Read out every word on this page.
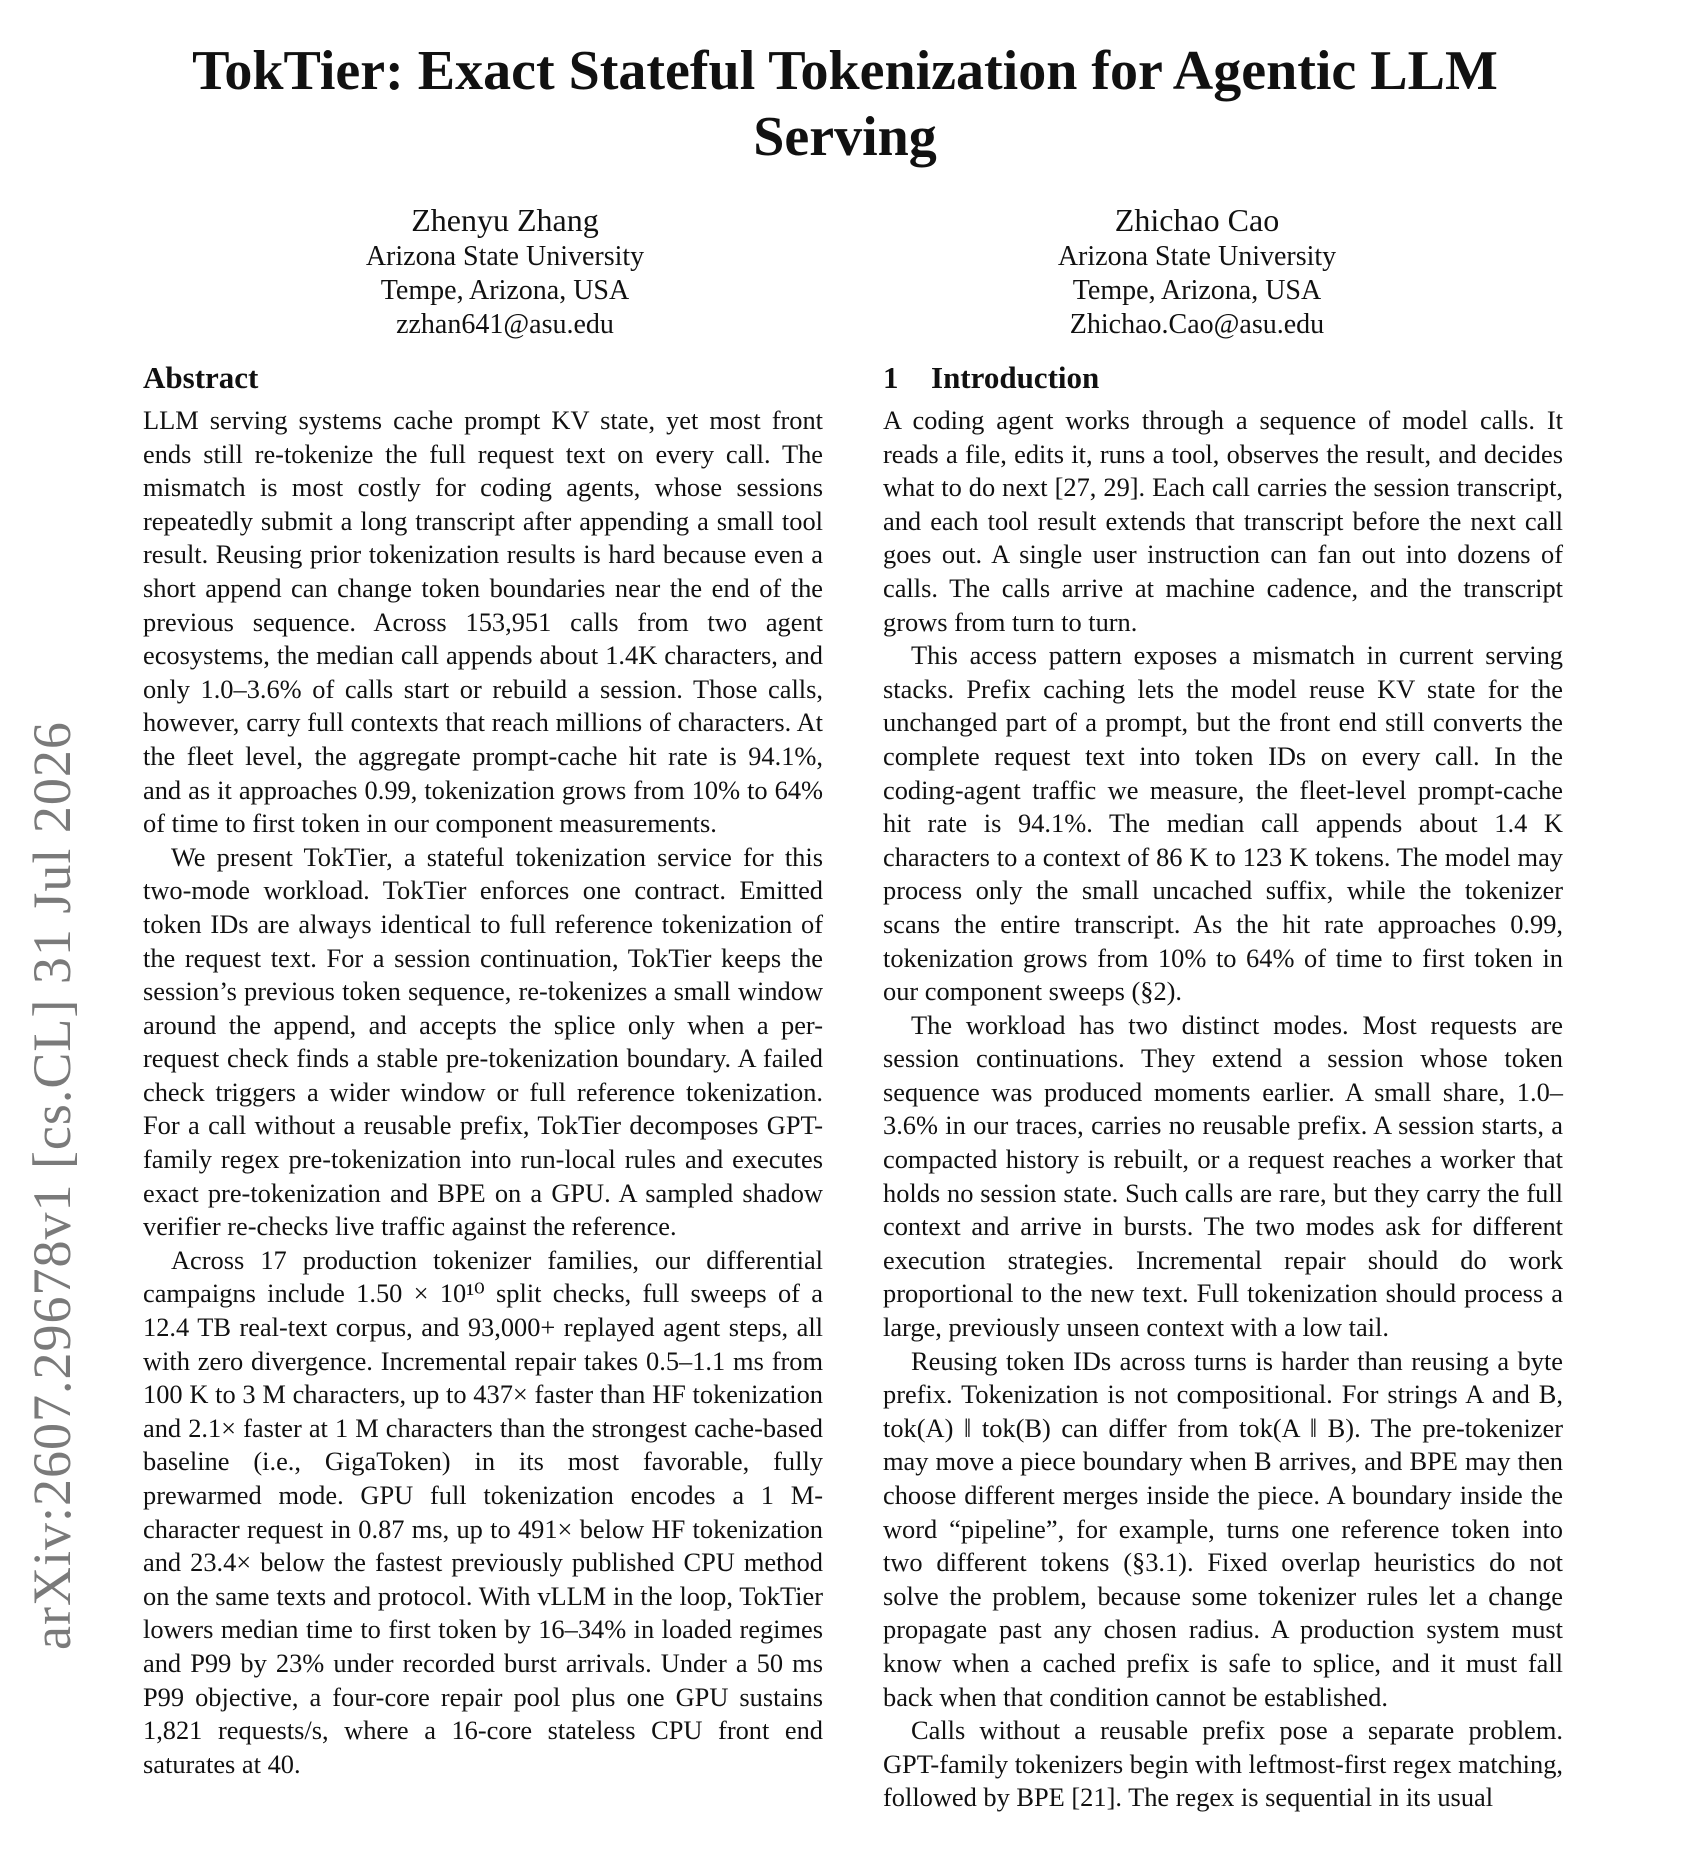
arXiv:2607.29678v1 [cs.CL] 31 Jul 2026
TokTier: Exact Stateful Tokenization for Agentic LLM Serving
Zhenyu Zhang
Arizona State University
Tempe, Arizona, USA
zzhan641@asu.edu
Zhichao Cao
Arizona State University
Tempe, Arizona, USA
Zhichao.Cao@asu.edu
Abstract

LLM serving systems cache prompt KV state, yet most front ends still re-tokenize the full request text on every call. The mismatch is most costly for coding agents, whose sessions repeatedly submit a long transcript after appending a small tool result. Reusing prior tokenization results is hard because even a short append can change token boundaries near the end of the previous sequence. Across 153,951 calls from two agent ecosystems, the median call appends about 1.4K characters, and only 1.0–3.6% of calls start or rebuild a session. Those calls, however, carry full contexts that reach millions of characters. At the fleet level, the aggregate prompt-cache hit rate is 94.1%, and as it approaches 0.99, tokenization grows from 10% to 64% of time to first token in our component measurements.

We present TokTier, a stateful tokenization service for this two-mode workload. TokTier enforces one contract. Emitted token IDs are always identical to full reference tokenization of the request text. For a session continuation, TokTier keeps the session’s previous token sequence, re-tokenizes a small window around the append, and accepts the splice only when a per-request check finds a stable pre-tokenization boundary. A failed check triggers a wider window or full reference tokenization. For a call without a reusable prefix, TokTier decomposes GPT-family regex pre-tokenization into run-local rules and executes exact pre-tokenization and BPE on a GPU. A sampled shadow verifier re-checks live traffic against the reference.

Across 17 production tokenizer families, our differential campaigns include 1.50 × 10¹⁰ split checks, full sweeps of a 12.4 TB real-text corpus, and 93,000+ replayed agent steps, all with zero divergence. Incremental repair takes 0.5–1.1 ms from 100 K to 3 M characters, up to 437× faster than HF tokenization and 2.1× faster at 1 M characters than the strongest cache-based baseline (i.e., GigaToken) in its most favorable, fully prewarmed mode. GPU full tokenization encodes a 1 M-character request in 0.87 ms, up to 491× below HF tokenization and 23.4× below the fastest previously published CPU method on the same texts and protocol. With vLLM in the loop, TokTier lowers median time to first token by 16–34% in loaded regimes and P99 by 23% under recorded burst arrivals. Under a 50 ms P99 objective, a four-core repair pool plus one GPU sustains 1,821 requests/s, where a 16-core stateless CPU front end saturates at 40.

1 Introduction

A coding agent works through a sequence of model calls. It reads a file, edits it, runs a tool, observes the result, and decides what to do next [27, 29]. Each call carries the session transcript, and each tool result extends that transcript before the next call goes out. A single user instruction can fan out into dozens of calls. The calls arrive at machine cadence, and the transcript grows from turn to turn.

This access pattern exposes a mismatch in current serving stacks. Prefix caching lets the model reuse KV state for the unchanged part of a prompt, but the front end still converts the complete request text into token IDs on every call. In the coding-agent traffic we measure, the fleet-level prompt-cache hit rate is 94.1%. The median call appends about 1.4 K characters to a context of 86 K to 123 K tokens. The model may process only the small uncached suffix, while the tokenizer scans the entire transcript. As the hit rate approaches 0.99, tokenization grows from 10% to 64% of time to first token in our component sweeps (§2).

The workload has two distinct modes. Most requests are session continuations. They extend a session whose token sequence was produced moments earlier. A small share, 1.0–3.6% in our traces, carries no reusable prefix. A session starts, a compacted history is rebuilt, or a request reaches a worker that holds no session state. Such calls are rare, but they carry the full context and arrive in bursts. The two modes ask for different execution strategies. Incremental repair should do work proportional to the new text. Full tokenization should process a large, previously unseen context with a low tail.

Reusing token IDs across turns is harder than reusing a byte prefix. Tokenization is not compositional. For strings A and B, tok(A) ‖ tok(B) can differ from tok(A ‖ B). The pre-tokenizer may move a piece boundary when B arrives, and BPE may then choose different merges inside the piece. A boundary inside the word “pipeline”, for example, turns one reference token into two different tokens (§3.1). Fixed overlap heuristics do not solve the problem, because some tokenizer rules let a change propagate past any chosen radius. A production system must know when a cached prefix is safe to splice, and it must fall back when that condition cannot be established.

Calls without a reusable prefix pose a separate problem. GPT-family tokenizers begin with leftmost-first regex matching, followed by BPE [21]. The regex is sequential in its usual
